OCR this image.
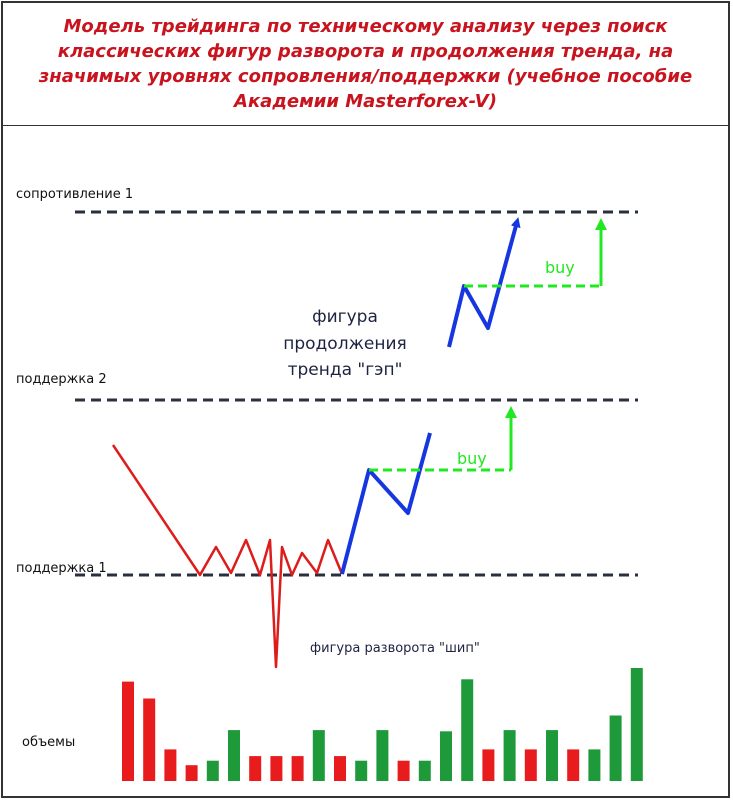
Модель трейдинга по техническому анализу через поиск классических фигур разворота и продолжения тренда, на значимых уровнях сопровления/поддержки (учебное пособие Академии Masterforex-V)
сопротивление 1
поддержка 2
поддержка 1
buy
buy
фигура
продолжения
тренда "гэп"
фигура разворота "шип"
объемы
